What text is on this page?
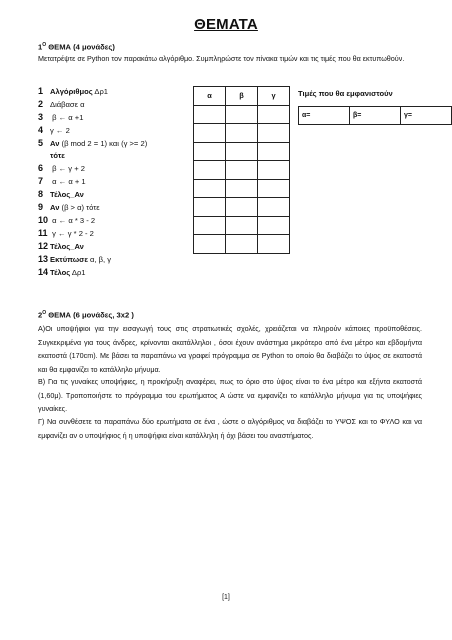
ΘΕΜΑΤΑ
$1^O$ ΘΕΜΑ (4 μονάδες)
Μετατρέψτε σε Python τον παρακάτω αλγόριθμο. Συμπληρώστε τον πίνακα τιμών και τις τιμές που θα εκτυπωθούν.
1 Αλγόριθμος Δρ1
2 Διάβασε α
3 β ← α +1
4 γ ← 2
5 Αν (β mod 2 = 1) και (γ >= 2)
τότε
6 β ← γ + 2
7 α ← α + 1
8 Τέλος_Αν
9 Αν (β > α) τότε
10 α ← α * 3 - 2
11 γ ← γ * 2 - 2
12 Τέλος_Αν
13 Εκτύπωσε α, β, γ
14 Τέλος Δρ1
α	β	γ

			Τιμές που θα εμφανιστούν
α=	β=	γ=
$2^O$ ΘΕΜΑ (6 μονάδες, 3x2 )
Α)Οι υποψήφιοι για την εισαγωγή τους στις στρατιωτικές σχολές, χρειάζεται να πληρούν κάποιες προϋποθέσεις. Συγκεκριμένα για τους άνδρες, κρίνονται ακατάλληλοι , όσοι έχουν ανάστημα μικρότερο από ένα μέτρο και εβδομήντα εκατοστά (170cm). Με βάσει τα παραπάνω να γραφεί πρόγραμμα σε Python το οποίο θα διαβάζει το ύψος σε εκατοστά και θα εμφανίζει το κατάλληλο μήνυμα.
Β) Για τις γυναίκες υποψήφιες, η προκήρυξη αναφέρει, πως το όριο στο ύψος είναι το ένα μέτρο και εξήντα εκατοστά (1,60μ). Τροποποιήστε το πρόγραμμα του ερωτήματος Α ώστε να εμφανίζει το κατάλληλο μήνυμα για τις υποψήφιες γυναίκες.
Γ) Να συνθέσετε τα παραπάνω δύο ερωτήματα σε ένα , ώστε ο αλγόριθμος να διαβάζει το ΥΨΟΣ και το ΦΥΛΟ και να εμφανίζει αν ο υποψήφιος ή η υποψήφια είναι κατάλληλη ή όχι βάσει του αναστήματος.
[1]
